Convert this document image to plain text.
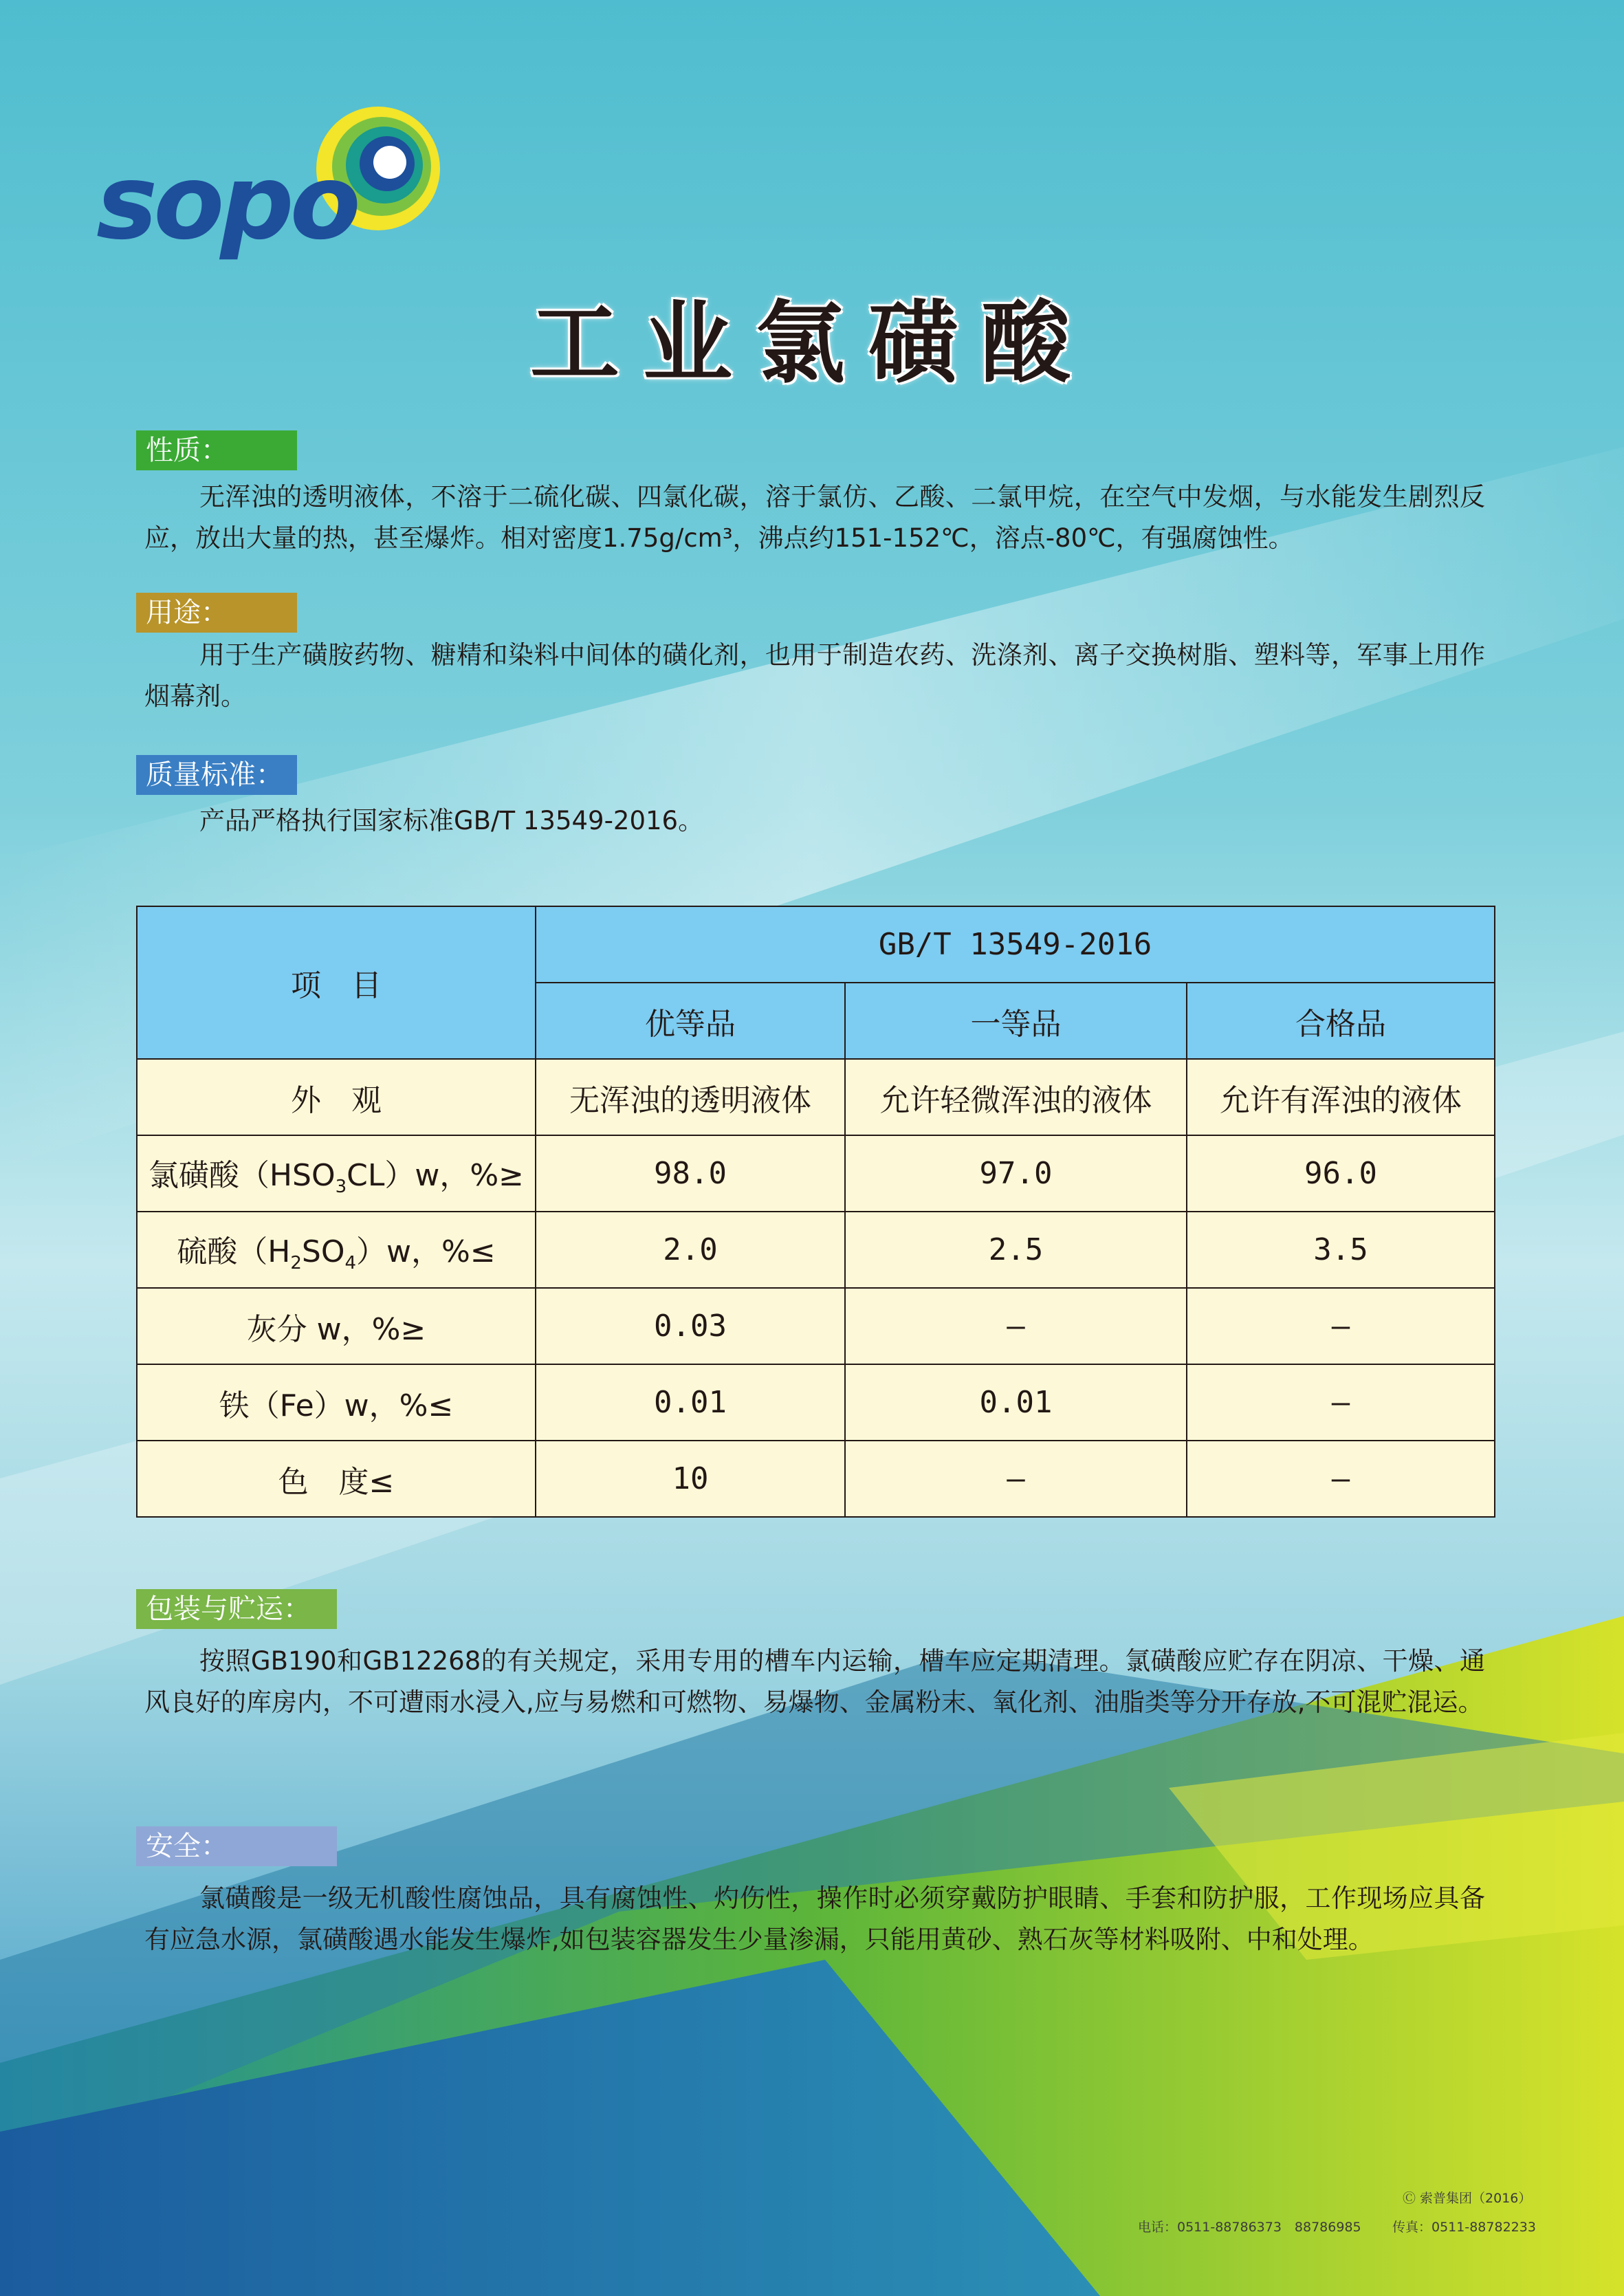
sopo
工业氯磺酸
性质：
无浑浊的透明液体，不溶于二硫化碳、四氯化碳，溶于氯仿、乙酸、二氯甲烷，在空气中发烟，与水能发生剧烈反应，放出大量的热，甚至爆炸。相对密度1.75g/cm³，沸点约151-152℃，溶点-80℃，有强腐蚀性。
用途：
用于生产磺胺药物、糖精和染料中间体的磺化剂，也用于制造农药、洗涤剂、离子交换树脂、塑料等，军事上用作烟幕剂。
质量标准：
产品严格执行国家标准GB/T 13549-2016。
项　目	GB/T 13549-2016		
	优等品	一等品	合格品
外　观	无浑浊的透明液体	允许轻微浑浊的液体	允许有浑浊的液体
氯磺酸$(HSO_3CL)w$，%≥	98.0	97.0	96.0
硫酸$(H_2SO_4)w$，%≤	2.0	2.5	3.5
灰分 w，%≥	0.03	—	—
铁（Fe）w，%≤	0.01	0.01	—
色　度≤	10	—	—
包装与贮运：
按照GB190和GB12268的有关规定，采用专用的槽车内运输，槽车应定期清理。氯磺酸应贮存在阴凉、干燥、通风良好的库房内，不可遭雨水浸入,应与易燃和可燃物、易爆物、金属粉末、氧化剂、油脂类等分开存放,不可混贮混运。
安全：
氯磺酸是一级无机酸性腐蚀品，具有腐蚀性、灼伤性，操作时必须穿戴防护眼睛、手套和防护服，工作现场应具备有应急水源，氯磺酸遇水能发生爆炸,如包装容器发生少量渗漏，只能用黄砂、熟石灰等材料吸附、中和处理。
Ⓒ 索普集团（2016）
电话：0511-88786373　88786985 传真：0511-88782233
